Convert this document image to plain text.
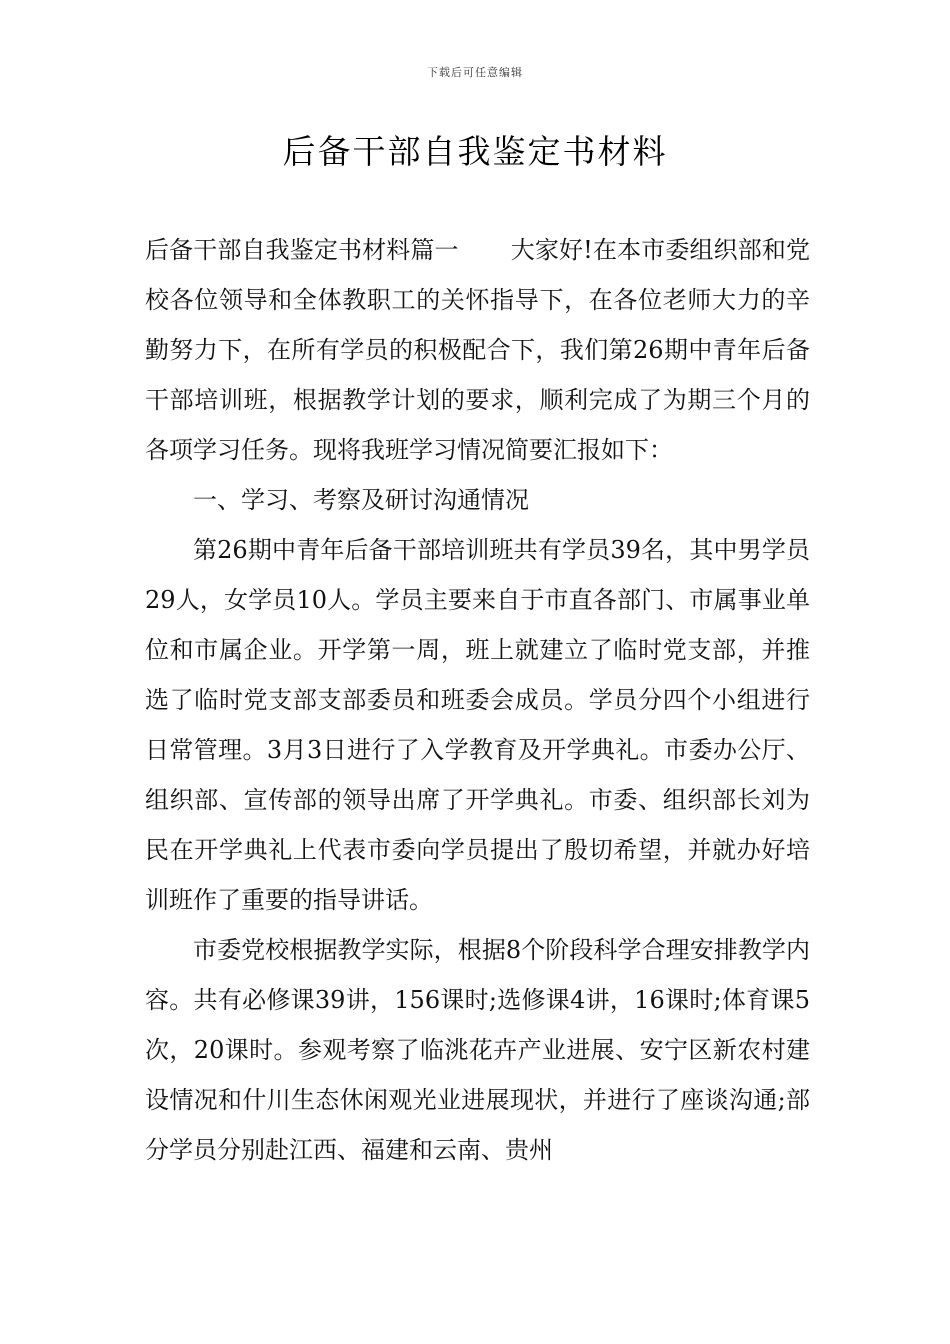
下载后可任意编辑
后备干部自我鉴定书材料

后备干部自我鉴定书材料篇一 大家好!在本市委组织部和党校各位领导和全体教职工的关怀指导下，在各位老师大力的辛勤努力下，在所有学员的积极配合下，我们第26期中青年后备干部培训班，根据教学计划的要求，顺利完成了为期三个月的各项学习任务。现将我班学习情况简要汇报如下：

一、学习、考察及研讨沟通情况

第26期中青年后备干部培训班共有学员39名，其中男学员29人，女学员10人。学员主要来自于市直各部门、市属事业单位和市属企业。开学第一周，班上就建立了临时党支部，并推选了临时党支部支部委员和班委会成员。学员分四个小组进行日常管理。3月3日进行了入学教育及开学典礼。市委办公厅、组织部、宣传部的领导出席了开学典礼。市委、组织部长刘为民在开学典礼上代表市委向学员提出了殷切希望，并就办好培训班作了重要的指导讲话。

市委党校根据教学实际，根据8个阶段科学合理安排教学内容。共有必修课39讲，156课时;选修课4讲，16课时;体育课5次，20课时。参观考察了临洮花卉产业进展、安宁区新农村建设情况和什川生态休闲观光业进展现状，并进行了座谈沟通;部分学员分别赴江西、福建和云南、贵州
